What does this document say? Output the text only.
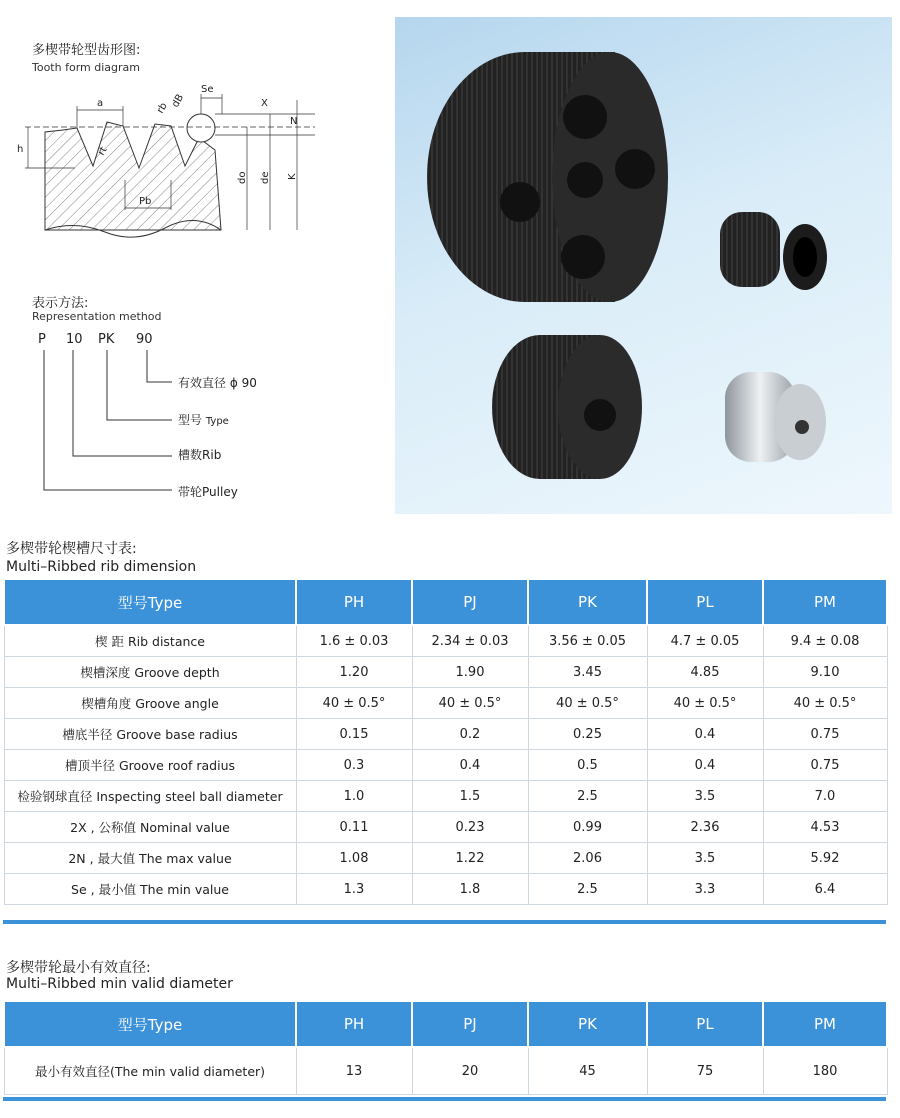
多楔带轮型齿形图:
Tooth form diagram
a
Se
rb dB	X
N
h	rt
Pb
do de K
表示方法:
Representation method
P 10 PK 90
有效直径 ϕ 90
型号 Type
槽数Rib
带轮Pulley
多楔带轮楔槽尺寸表:
Multi–Ribbed rib dimension
型号Type	PH	PJ	PK	PL	PM
楔 距 Rib distance	1.6 ± 0.03	2.34 ± 0.03	3.56 ± 0.05	4.7 ± 0.05	9.4 ± 0.08
楔槽深度 Groove depth	1.20	1.90	3.45	4.85	9.10
楔槽角度 Groove angle	40 ± 0.5°	40 ± 0.5°	40 ± 0.5°	40 ± 0.5°	40 ± 0.5°
槽底半径 Groove base radius	0.15	0.2	0.25	0.4	0.75
槽顶半径 Groove roof radius	0.3	0.4	0.5	0.4	0.75
检验钢球直径 Inspecting steel ball diameter	1.0	1.5	2.5	3.5	7.0
2X , 公称值 Nominal value	0.11	0.23	0.99	2.36	4.53
2N , 最大值 The max value	1.08	1.22	2.06	3.5	5.92
Se , 最小值 The min value	1.3	1.8	2.5	3.3	6.4
多楔带轮最小有效直径:
Multi–Ribbed min valid diameter
型号Type	PH	PJ	PK	PL	PM
最小有效直径(The min valid diameter)	13	20	45	75	180
